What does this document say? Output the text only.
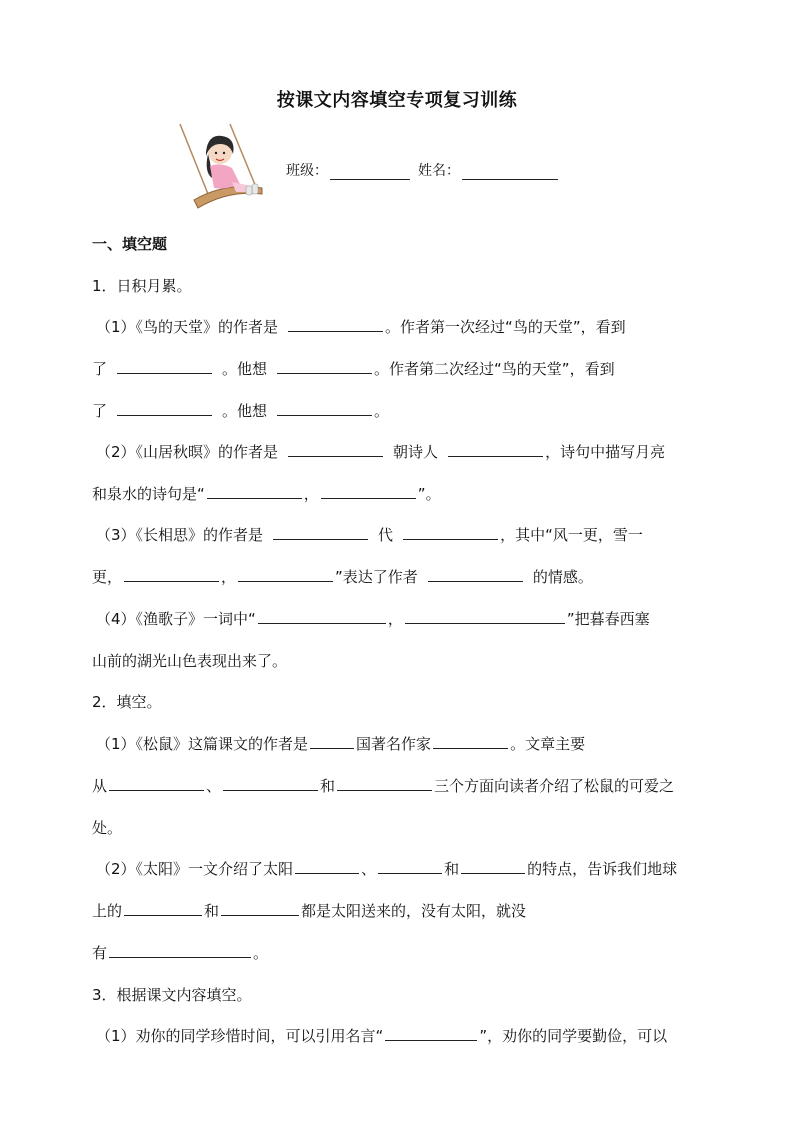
按课文内容填空专项复习训练
班级：	姓名：
一、填空题
1．日积月累。
（1）《鸟的天堂》的作者是	。作者第一次经过“鸟的天堂”，看到
了	。他想	。作者第二次经过“鸟的天堂”，看到
了	。他想	。
（2）《山居秋暝》的作者是	朝诗人	，诗句中描写月亮
和泉水的诗句是“	，	”。
（3）《长相思》的作者是	代	，其中“风一更，雪一
更，	，	”表达了作者	的情感。
（4）《渔歌子》一词中“	，	”把暮春西塞
山前的湖光山色表现出来了。
2．填空。
（1）《松鼠》这篇课文的作者是	国著名作家	。文章主要
从	、	和	三个方面向读者介绍了松鼠的可爱之
处。
（2）《太阳》一文介绍了太阳	、	和	的特点，告诉我们地球
上的	和	都是太阳送来的，没有太阳，就没
有	。
3．根据课文内容填空。
（1）劝你的同学珍惜时间，可以引用名言“	”，劝你的同学要勤俭，可以
